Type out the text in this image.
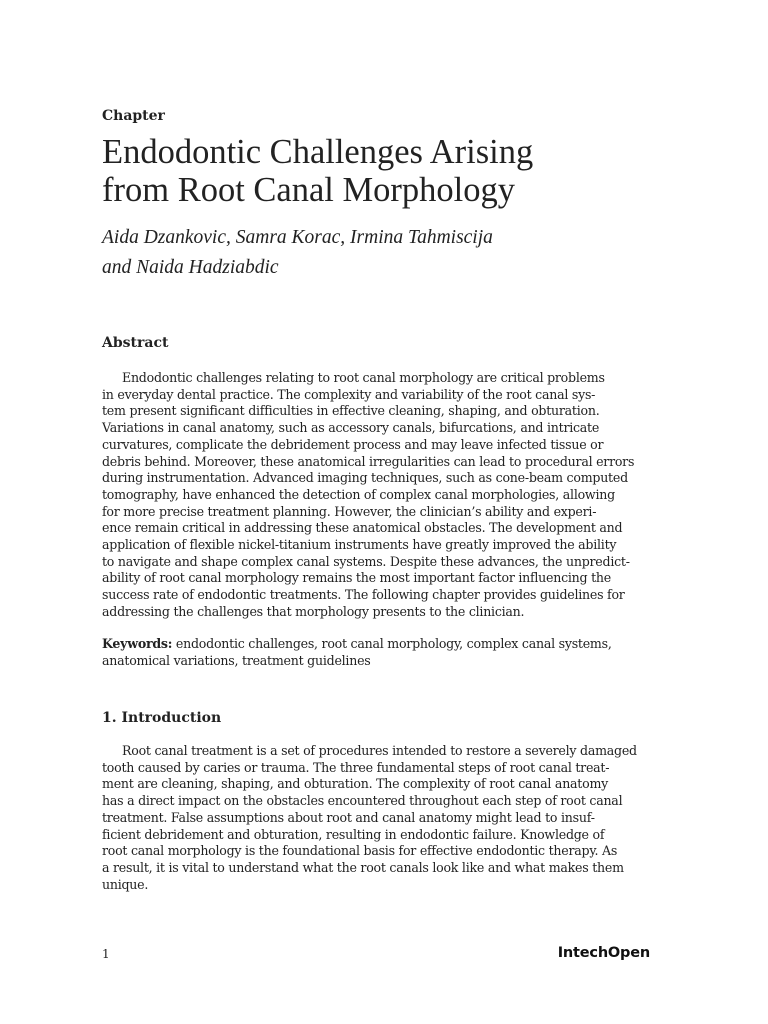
Chapter
Endodontic Challenges Arising
from Root Canal Morphology
Aida Dzankovic, Samra Korac, Irmina Tahmiscija
and Naida Hadziabdic
Abstract
Endodontic challenges relating to root canal morphology are critical problems
in everyday dental practice. The complexity and variability of the root canal sys-
tem present significant difficulties in effective cleaning, shaping, and obturation.
Variations in canal anatomy, such as accessory canals, bifurcations, and intricate
curvatures, complicate the debridement process and may leave infected tissue or
debris behind. Moreover, these anatomical irregularities can lead to procedural errors
during instrumentation. Advanced imaging techniques, such as cone-beam computed
tomography, have enhanced the detection of complex canal morphologies, allowing
for more precise treatment planning. However, the clinician’s ability and experi-
ence remain critical in addressing these anatomical obstacles. The development and
application of flexible nickel-titanium instruments have greatly improved the ability
to navigate and shape complex canal systems. Despite these advances, the unpredict-
ability of root canal morphology remains the most important factor influencing the
success rate of endodontic treatments. The following chapter provides guidelines for
addressing the challenges that morphology presents to the clinician.
Keywords: endodontic challenges, root canal morphology, complex canal systems,
anatomical variations, treatment guidelines
1. Introduction
Root canal treatment is a set of procedures intended to restore a severely damaged
tooth caused by caries or trauma. The three fundamental steps of root canal treat-
ment are cleaning, shaping, and obturation. The complexity of root canal anatomy
has a direct impact on the obstacles encountered throughout each step of root canal
treatment. False assumptions about root and canal anatomy might lead to insuf-
ficient debridement and obturation, resulting in endodontic failure. Knowledge of
root canal morphology is the foundational basis for effective endodontic therapy. As
a result, it is vital to understand what the root canals look like and what makes them
unique.
1	IntechOpen
